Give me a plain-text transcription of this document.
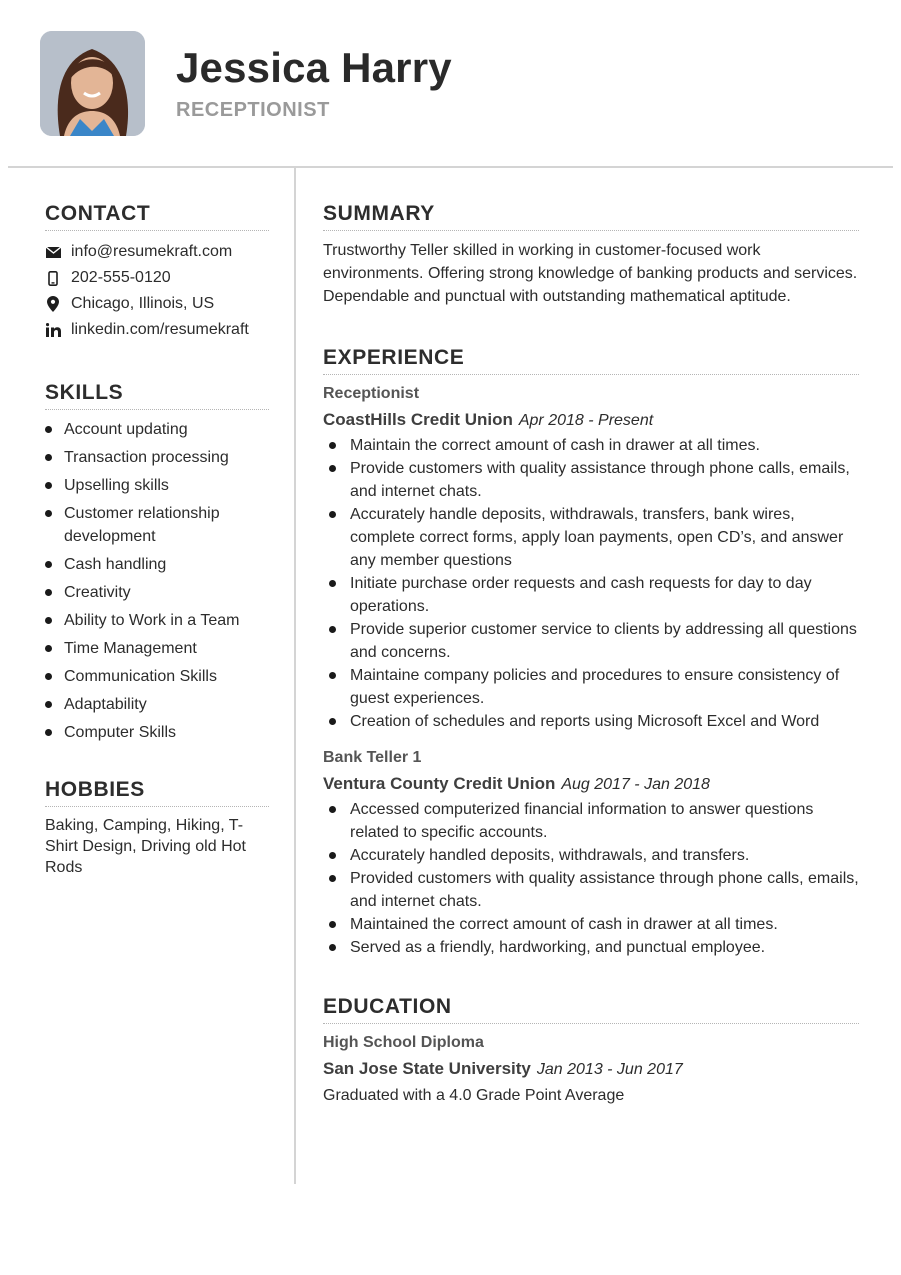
Jessica Harry

RECEPTIONIST

CONTACT
info@resumekraft.com
202-555-0120
Chicago, Illinois, US
linkedin.com/resumekraft
SKILLS
Account updating
Transaction processing
Upselling skills
Customer relationship development
Cash handling
Creativity
Ability to Work in a Team
Time Management
Communication Skills
Adaptability
Computer Skills
HOBBIES

Baking, Camping, Hiking, T-Shirt Design, Driving old Hot Rods

SUMMARY

Trustworthy Teller skilled in working in customer-focused work environments. Offering strong knowledge of banking products and services. Dependable and punctual with outstanding mathematical aptitude.

EXPERIENCE

Receptionist

CoastHills Credit Union Apr 2018 - Present

Maintain the correct amount of cash in drawer at all times.
Provide customers with quality assistance through phone calls, emails, and internet chats.
Accurately handle deposits, withdrawals, transfers, bank wires, complete correct forms, apply loan payments, open CD’s, and answer any member questions
Initiate purchase order requests and cash requests for day to day operations.
Provide superior customer service to clients by addressing all questions and concerns.
Maintaine company policies and procedures to ensure consistency of guest experiences.
Creation of schedules and reports using Microsoft Excel and Word

Bank Teller 1

Ventura County Credit Union Aug 2017 - Jan 2018

Accessed computerized financial information to answer questions related to specific accounts.
Accurately handled deposits, withdrawals, and transfers.
Provided customers with quality assistance through phone calls, emails, and internet chats.
Maintained the correct amount of cash in drawer at all times.
Served as a friendly, hardworking, and punctual employee.
EDUCATION

High School Diploma

San Jose State University Jan 2013 - Jun 2017

Graduated with a 4.0 Grade Point Average
